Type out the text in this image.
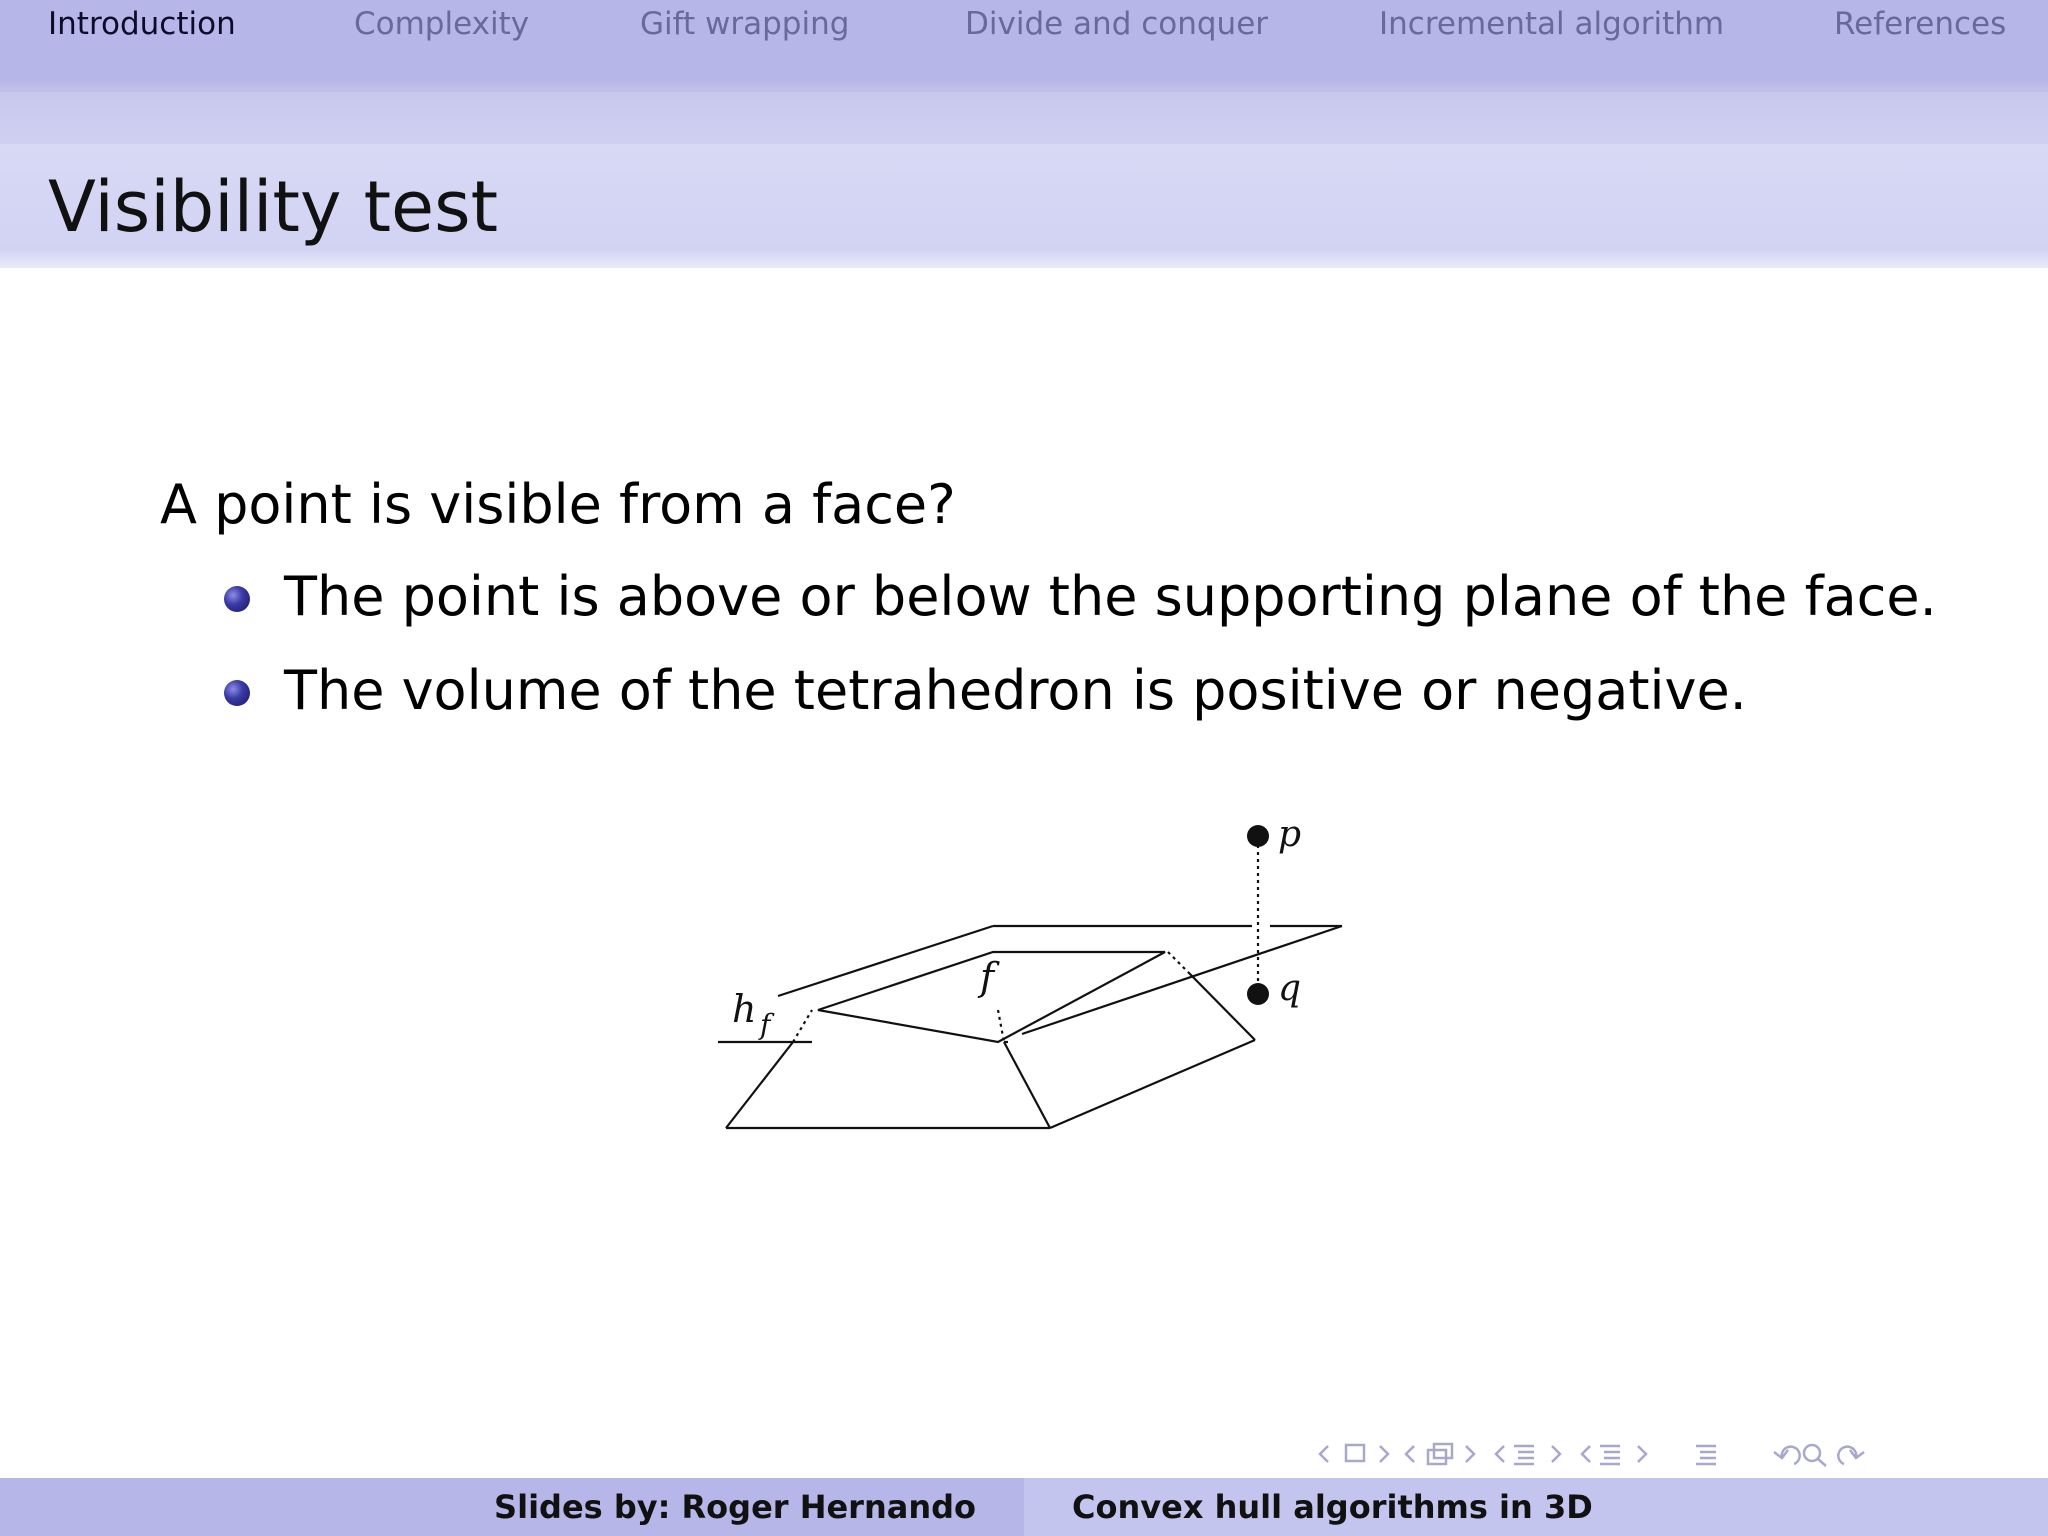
Introduction	Complexity	Gift wrapping	Divide and conquer	Incremental algorithm	References
Visibility test
A point is visible from a face?
The point is above or below the supporting plane of the face.
The volume of the tetrahedron is positive or negative.
p
q
f
h f
Slides by: Roger Hernando	Convex hull algorithms in 3D
